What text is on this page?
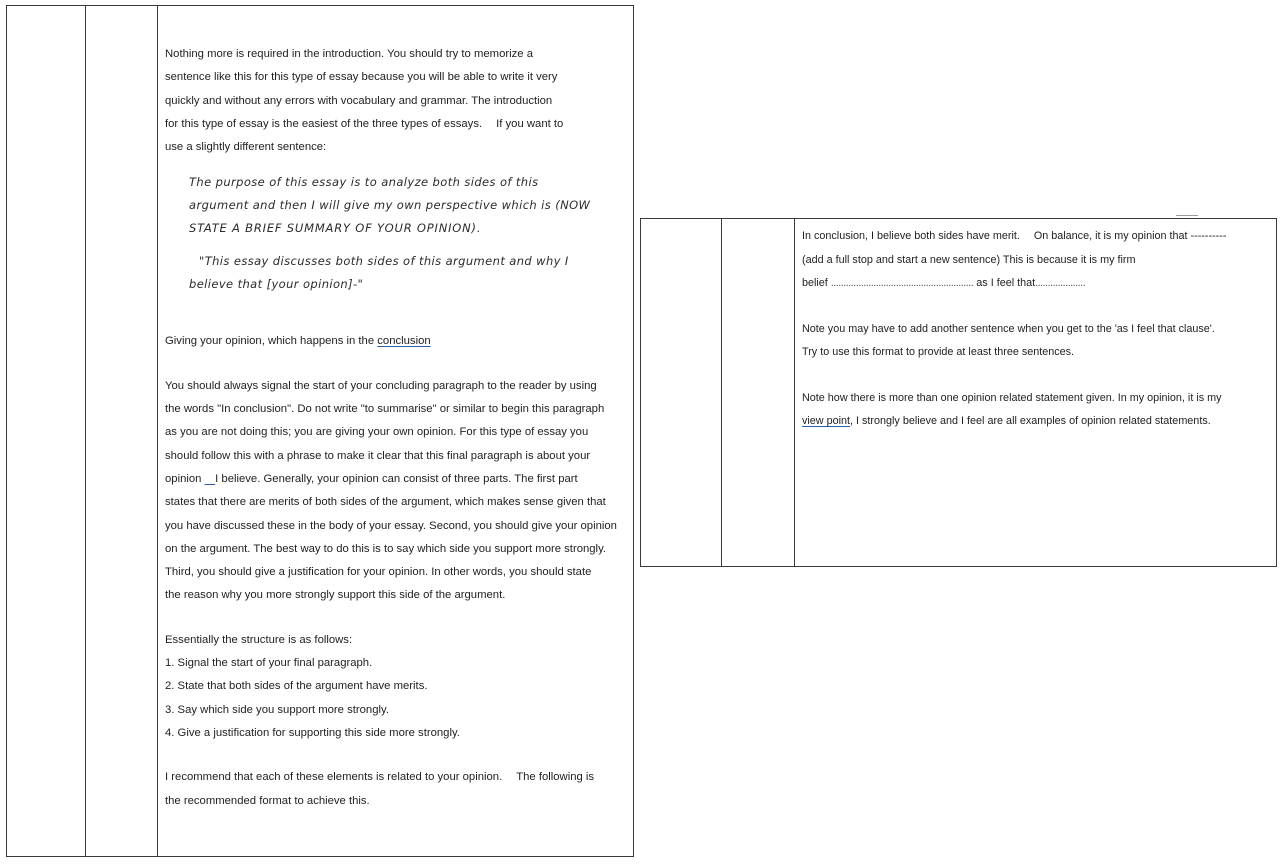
Nothing more is required in the introduction. You should try to memorize a
sentence like this for this type of essay because you will be able to write it very
quickly and without any errors with vocabulary and grammar. The introduction
for this type of essay is the easiest of the three types of essays. If you want to
use a slightly different sentence:
The purpose of this essay is to analyze both sides of this
argument and then I will give my own perspective which is (NOW
STATE A BRIEF SUMMARY OF YOUR OPINION).
"This essay discusses both sides of this argument and why I
believe that [your opinion]-"
Giving your opinion, which happens in the conclusion
You should always signal the start of your concluding paragraph to the reader by using
the words "In conclusion". Do not write "to summarise" or similar to begin this paragraph
as you are not doing this; you are giving your own opinion. For this type of essay you
should follow this with a phrase to make it clear that this final paragraph is about your
opinion I believe. Generally, your opinion can consist of three parts. The first part
states that there are merits of both sides of the argument, which makes sense given that
you have discussed these in the body of your essay. Second, you should give your opinion
on the argument. The best way to do this is to say which side you support more strongly.
Third, you should give a justification for your opinion. In other words, you should state
the reason why you more strongly support this side of the argument.
Essentially the structure is as follows:
1. Signal the start of your final paragraph.
2. State that both sides of the argument have merits.
3. Say which side you support more strongly.
4. Give a justification for supporting this side more strongly.
I recommend that each of these elements is related to your opinion. The following is
the recommended format to achieve this.
In conclusion, I believe both sides have merit. On balance, it is my opinion that ----------
(add a full stop and start a new sentence) This is because it is my firm
belief ......................................................... as I feel that....................
Note you may have to add another sentence when you get to the 'as I feel that clause'.
Try to use this format to provide at least three sentences.
Note how there is more than one opinion related statement given. In my opinion, it is my
view point, I strongly believe and I feel are all examples of opinion related statements.
